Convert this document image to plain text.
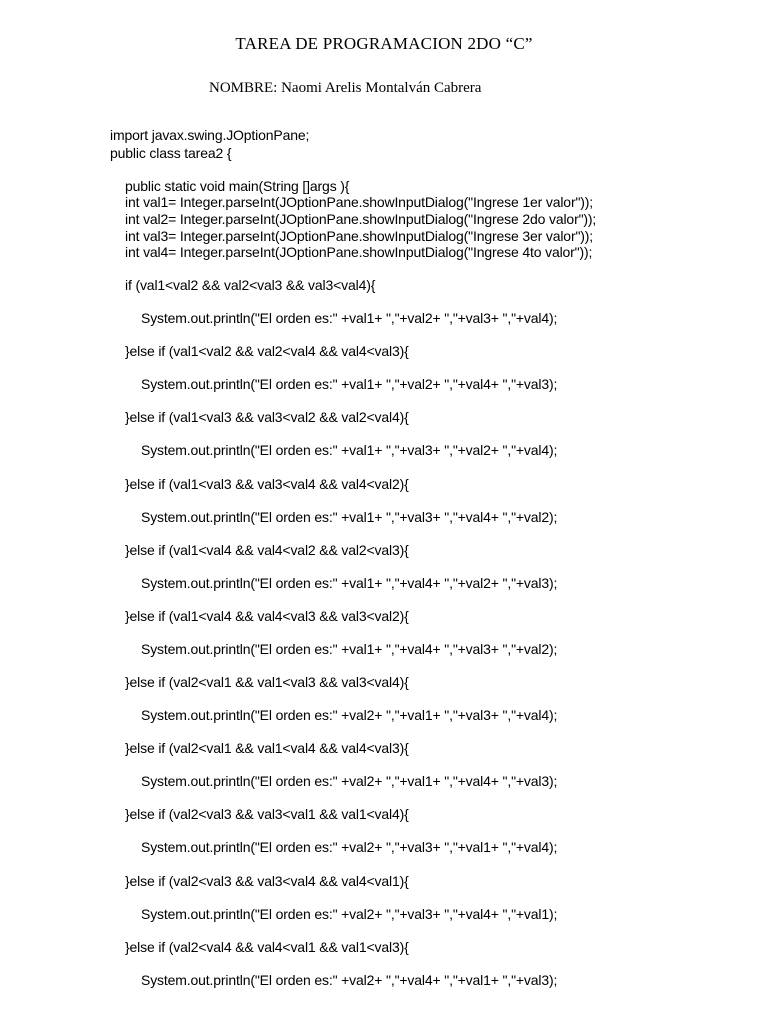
TAREA DE PROGRAMACION 2DO “C”
NOMBRE: Naomi Arelis Montalván Cabrera
import javax.swing.JOptionPane;
public class tarea2 {
public static void main(String []args ){
int val1= Integer.parseInt(JOptionPane.showInputDialog("Ingrese 1er valor"));
int val2= Integer.parseInt(JOptionPane.showInputDialog("Ingrese 2do valor"));
int val3= Integer.parseInt(JOptionPane.showInputDialog("Ingrese 3er valor"));
int val4= Integer.parseInt(JOptionPane.showInputDialog("Ingrese 4to valor"));
if (val1<val2 && val2<val3 && val3<val4){
System.out.println("El orden es:" +val1+ ","+val2+ ","+val3+ ","+val4);
}else if (val1<val2 && val2<val4 && val4<val3){
System.out.println("El orden es:" +val1+ ","+val2+ ","+val4+ ","+val3);
}else if (val1<val3 && val3<val2 && val2<val4){
System.out.println("El orden es:" +val1+ ","+val3+ ","+val2+ ","+val4);
}else if (val1<val3 && val3<val4 && val4<val2){
System.out.println("El orden es:" +val1+ ","+val3+ ","+val4+ ","+val2);
}else if (val1<val4 && val4<val2 && val2<val3){
System.out.println("El orden es:" +val1+ ","+val4+ ","+val2+ ","+val3);
}else if (val1<val4 && val4<val3 && val3<val2){
System.out.println("El orden es:" +val1+ ","+val4+ ","+val3+ ","+val2);
}else if (val2<val1 && val1<val3 && val3<val4){
System.out.println("El orden es:" +val2+ ","+val1+ ","+val3+ ","+val4);
}else if (val2<val1 && val1<val4 && val4<val3){
System.out.println("El orden es:" +val2+ ","+val1+ ","+val4+ ","+val3);
}else if (val2<val3 && val3<val1 && val1<val4){
System.out.println("El orden es:" +val2+ ","+val3+ ","+val1+ ","+val4);
}else if (val2<val3 && val3<val4 && val4<val1){
System.out.println("El orden es:" +val2+ ","+val3+ ","+val4+ ","+val1);
}else if (val2<val4 && val4<val1 && val1<val3){
System.out.println("El orden es:" +val2+ ","+val4+ ","+val1+ ","+val3);
